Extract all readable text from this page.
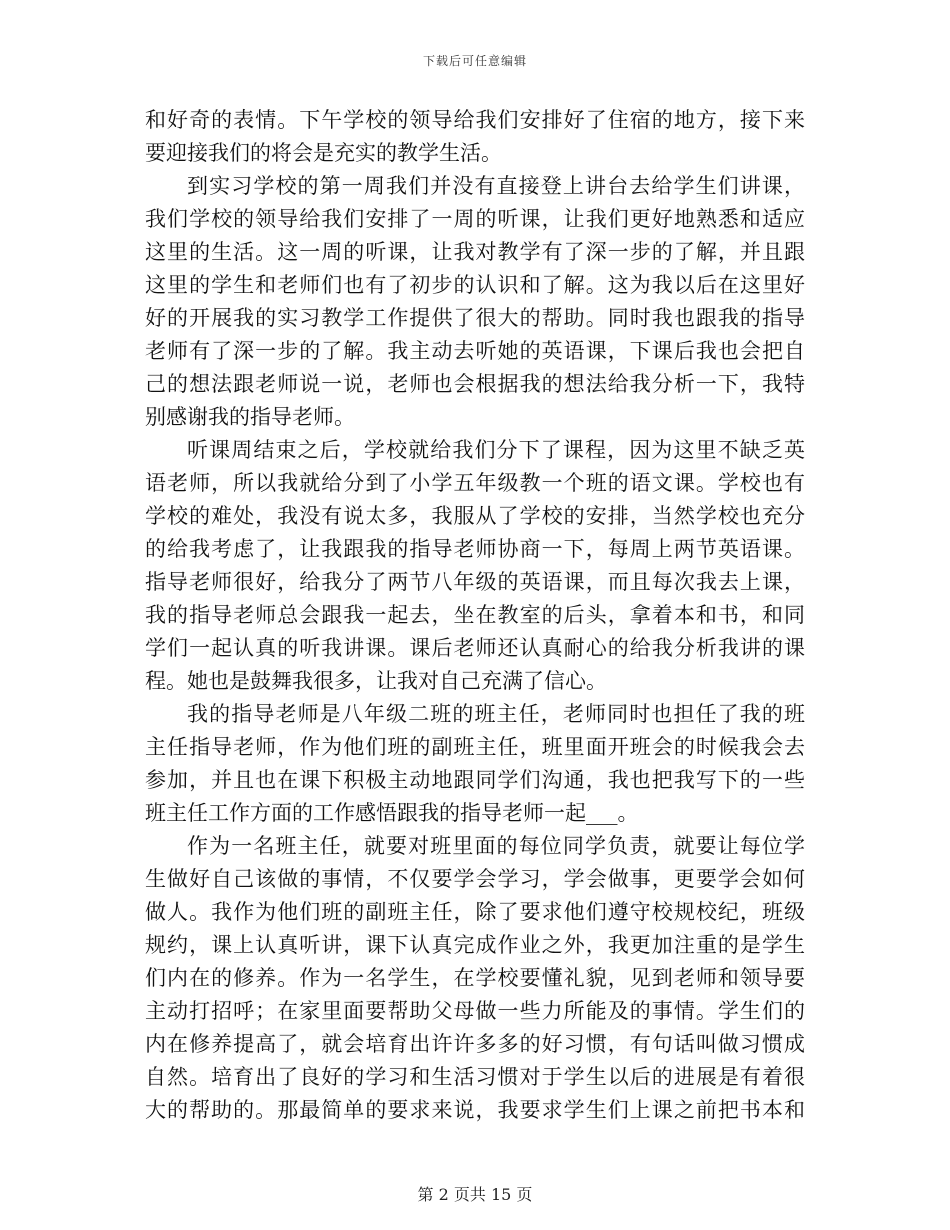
下载后可任意编辑
和好奇的表情。下午学校的领导给我们安排好了住宿的地方，接下来
要迎接我们的将会是充实的教学生活。
到实习学校的第一周我们并没有直接登上讲台去给学生们讲课，
我们学校的领导给我们安排了一周的听课，让我们更好地熟悉和适应
这里的生活。这一周的听课，让我对教学有了深一步的了解，并且跟
这里的学生和老师们也有了初步的认识和了解。这为我以后在这里好
好的开展我的实习教学工作提供了很大的帮助。同时我也跟我的指导
老师有了深一步的了解。我主动去听她的英语课，下课后我也会把自
己的想法跟老师说一说，老师也会根据我的想法给我分析一下，我特
别感谢我的指导老师。
听课周结束之后，学校就给我们分下了课程，因为这里不缺乏英
语老师，所以我就给分到了小学五年级教一个班的语文课。学校也有
学校的难处，我没有说太多，我服从了学校的安排，当然学校也充分
的给我考虑了，让我跟我的指导老师协商一下，每周上两节英语课。
指导老师很好，给我分了两节八年级的英语课，而且每次我去上课，
我的指导老师总会跟我一起去，坐在教室的后头，拿着本和书，和同
学们一起认真的听我讲课。课后老师还认真耐心的给我分析我讲的课
程。她也是鼓舞我很多，让我对自己充满了信心。
我的指导老师是八年级二班的班主任，老师同时也担任了我的班
主任指导老师，作为他们班的副班主任，班里面开班会的时候我会去
参加，并且也在课下积极主动地跟同学们沟通，我也把我写下的一些
班主任工作方面的工作感悟跟我的指导老师一起___。
作为一名班主任，就要对班里面的每位同学负责，就要让每位学
生做好自己该做的事情，不仅要学会学习，学会做事，更要学会如何
做人。我作为他们班的副班主任，除了要求他们遵守校规校纪，班级
规约，课上认真听讲，课下认真完成作业之外，我更加注重的是学生
们内在的修养。作为一名学生，在学校要懂礼貌，见到老师和领导要
主动打招呼；在家里面要帮助父母做一些力所能及的事情。学生们的
内在修养提高了，就会培育出许许多多的好习惯，有句话叫做习惯成
自然。培育出了良好的学习和生活习惯对于学生以后的进展是有着很
大的帮助的。那最简单的要求来说，我要求学生们上课之前把书本和
第 2 页共 15 页
